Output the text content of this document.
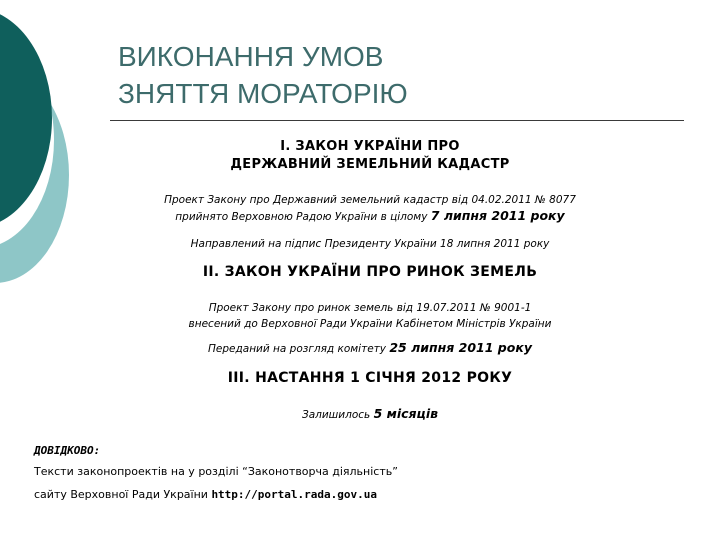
ВИКОНАННЯ УМОВ
ЗНЯТТЯ МОРАТОРІЮ
I. ЗАКОН УКРАЇНИ ПРО
ДЕРЖАВНИЙ ЗЕМЕЛЬНИЙ КАДАСТР
Проект Закону про Державний земельний кадастр від 04.02.2011 № 8077
прийнято Верховною Радою України в цілому 7 липня 2011 року
Направлений на підпис Президенту України 18 липня 2011 року
II. ЗАКОН УКРАЇНИ ПРО РИНОК ЗЕМЕЛЬ
Проект Закону про ринок земель від 19.07.2011 № 9001-1
внесений до Верховної Ради України Кабінетом Міністрів України
Переданий на розгляд комітету 25 липня 2011 року
III. НАСТАННЯ 1 СІЧНЯ 2012 РОКУ
Залишилось 5 місяців
ДОВІДКОВО:
Тексти законопроектів на у розділі “Законотворча діяльність”
сайту Верховної Ради України http://portal.rada.gov.ua
